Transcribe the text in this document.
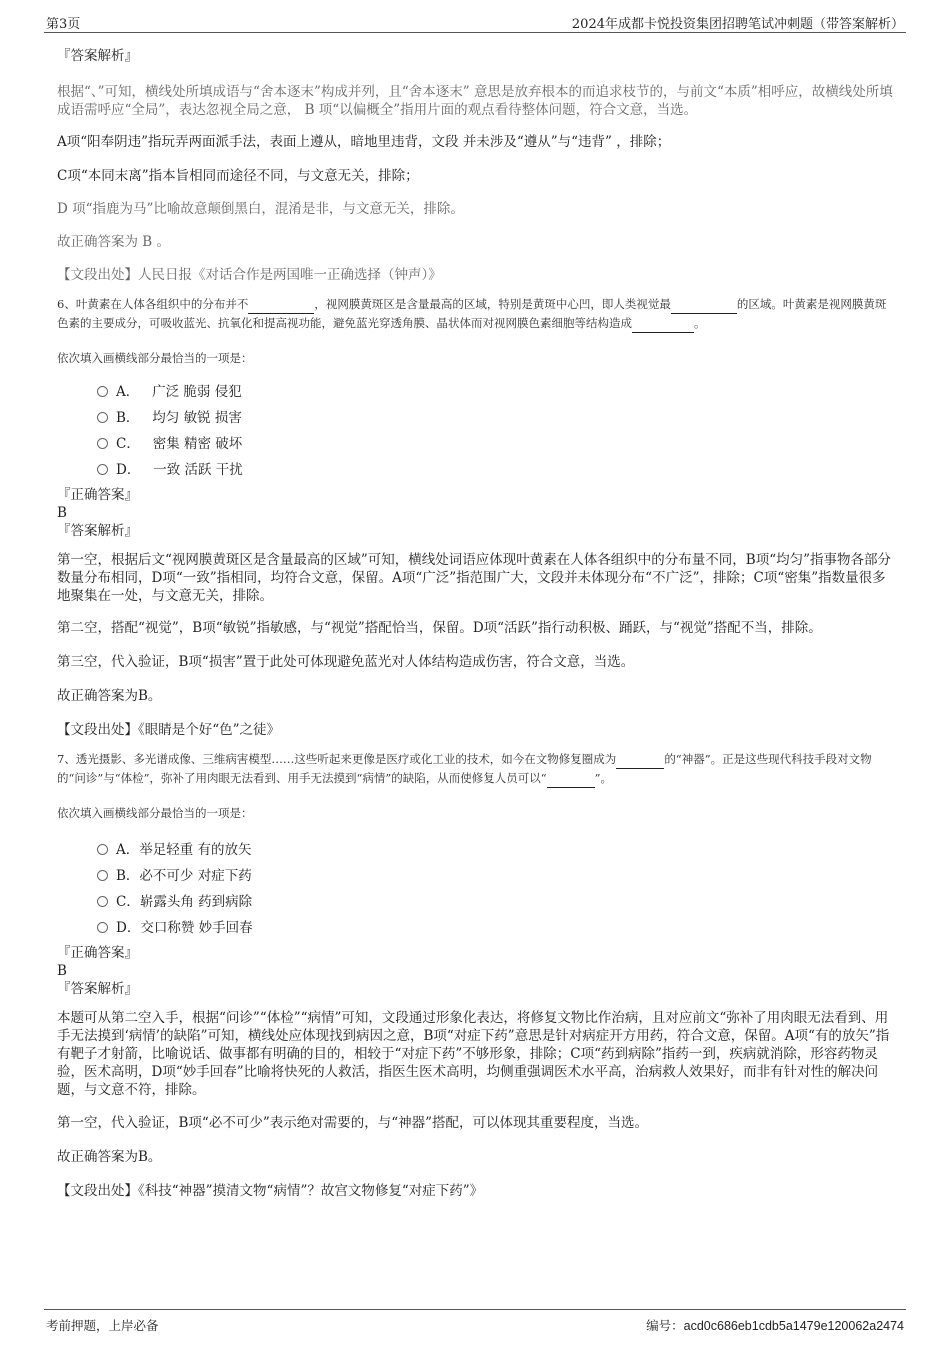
第3页	2024年成都卡悦投资集团招聘笔试冲刺题（带答案解析）
『答案解析』
根据“、”可知，横线处所填成语与“舍本逐末”构成并列，且“舍本逐末” 意思是放弃根本的而追求枝节的，与前文“本质”相呼应，故横线处所填成语需呼应“全局”，表达忽视全局之意， B 项“以偏概全”指用片面的观点看待整体问题，符合文意，当选。
A项“阳奉阴违”指玩弄两面派手法，表面上遵从，暗地里违背，文段 并未涉及“遵从”与“违背” ，排除；
C项“本同末离”指本旨相同而途径不同，与文意无关，排除；
D 项“指鹿为马”比喻故意颠倒黑白，混淆是非，与文意无关，排除。
故正确答案为 B 。
【文段出处】人民日报《对话合作是两国唯一正确选择（钟声）》
6、叶黄素在人体各组织中的分布并不	，视网膜黄斑区是含量最高的区域，特别是黄斑中心凹，即人类视觉最	的区域。叶黄素是视网膜黄斑色素的主要成分，可吸收蓝光、抗氧化和提高视功能，避免蓝光穿透角膜、晶状体而对视网膜色素细胞等结构造成	。
依次填入画横线部分最恰当的一项是：
A． 广泛 脆弱 侵犯
B． 均匀 敏锐 损害
C． 密集 精密 破坏
D． 一致 活跃 干扰
『正确答案』
B
『答案解析』
第一空，根据后文“视网膜黄斑区是含量最高的区域”可知，横线处词语应体现叶黄素在人体各组织中的分布量不同，B项“均匀”指事物各部分数量分布相同，D项“一致”指相同，均符合文意，保留。A项“广泛”指范围广大，文段并未体现分布“不广泛”，排除；C项“密集”指数量很多地聚集在一处，与文意无关，排除。
第二空，搭配“视觉”，B项“敏锐”指敏感，与“视觉”搭配恰当，保留。D项“活跃”指行动积极、踊跃，与“视觉”搭配不当，排除。
第三空，代入验证，B项“损害”置于此处可体现避免蓝光对人体结构造成伤害，符合文意，当选。
故正确答案为B。
【文段出处】《眼睛是个好“色”之徒》
7、透光摄影、多光谱成像、三维病害模型……这些听起来更像是医疗或化工业的技术，如今在文物修复圈成为	的“神器”。正是这些现代科技手段对文物的“问诊”与“体检”，弥补了用肉眼无法看到、用手无法摸到“病情”的缺陷，从而使修复人员可以“	”。
依次填入画横线部分最恰当的一项是：
A．举足轻重 有的放矢
B．必不可少 对症下药
C．崭露头角 药到病除
D．交口称赞 妙手回春
『正确答案』
B
『答案解析』
本题可从第二空入手，根据“问诊”“体检”“病情”可知，文段通过形象化表达，将修复文物比作治病，且对应前文“弥补了用肉眼无法看到、用手无法摸到‘病情’的缺陷”可知，横线处应体现找到病因之意，B项“对症下药”意思是针对病症开方用药，符合文意，保留。A项“有的放矢”指有靶子才射箭，比喻说话、做事都有明确的目的，相较于“对症下药”不够形象，排除；C项“药到病除”指药一到，疾病就消除，形容药物灵验，医术高明，D项“妙手回春”比喻将快死的人救活，指医生医术高明，均侧重强调医术水平高，治病救人效果好，而非有针对性的解决问题，与文意不符，排除。
第一空，代入验证，B项“必不可少”表示绝对需要的，与“神器”搭配，可以体现其重要程度，当选。
故正确答案为B。
【文段出处】《科技“神器”摸清文物“病情”？故宫文物修复“对症下药”》
考前押题，上岸必备	编号：acd0c686eb1cdb5a1479e120062a2474
